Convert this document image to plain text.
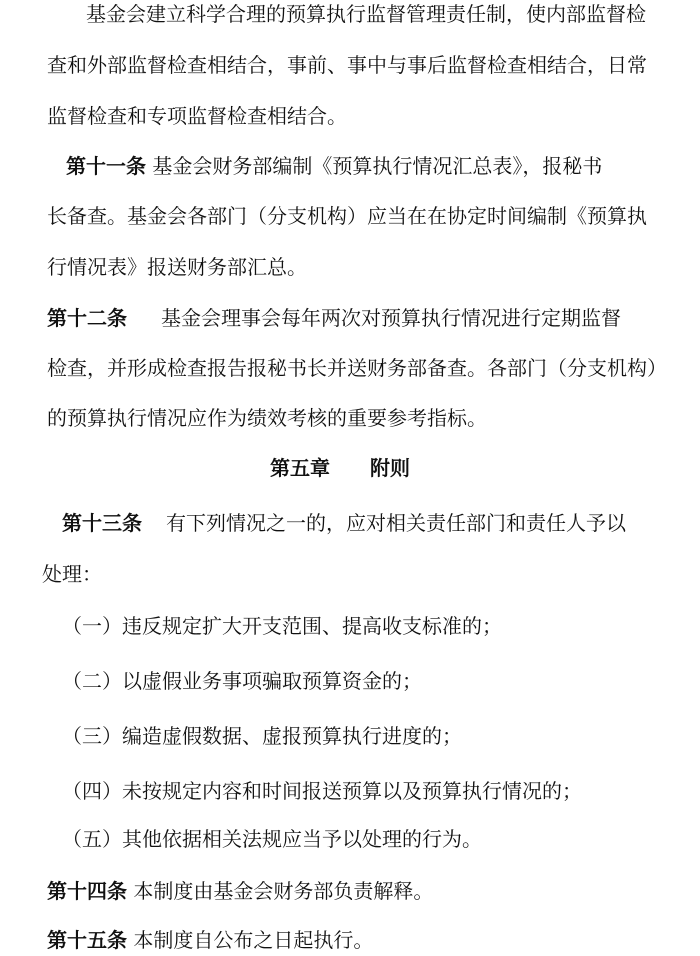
基金会建立科学合理的预算执行监督管理责任制，使内部监督检
查和外部监督检查相结合，事前、事中与事后监督检查相结合，日常
监督检查和专项监督检查相结合。
第十一条 基金会财务部编制《预算执行情况汇总表》，报秘书
长备查。基金会各部门（分支机构）应当在在协定时间编制《预算执
行情况表》报送财务部汇总。
第十二条 基金会理事会每年两次对预算执行情况进行定期监督
检查，并形成检查报告报秘书长并送财务部备查。各部门（分支机构）
的预算执行情况应作为绩效考核的重要参考指标。
第五章 附则
第十三条 有下列情况之一的，应对相关责任部门和责任人予以
处理：
（一）违反规定扩大开支范围、提高收支标准的；
（二）以虚假业务事项骗取预算资金的；
（三）编造虚假数据、虚报预算执行进度的；
（四）未按规定内容和时间报送预算以及预算执行情况的；
（五）其他依据相关法规应当予以处理的行为。
第十四条 本制度由基金会财务部负责解释。
第十五条 本制度自公布之日起执行。
